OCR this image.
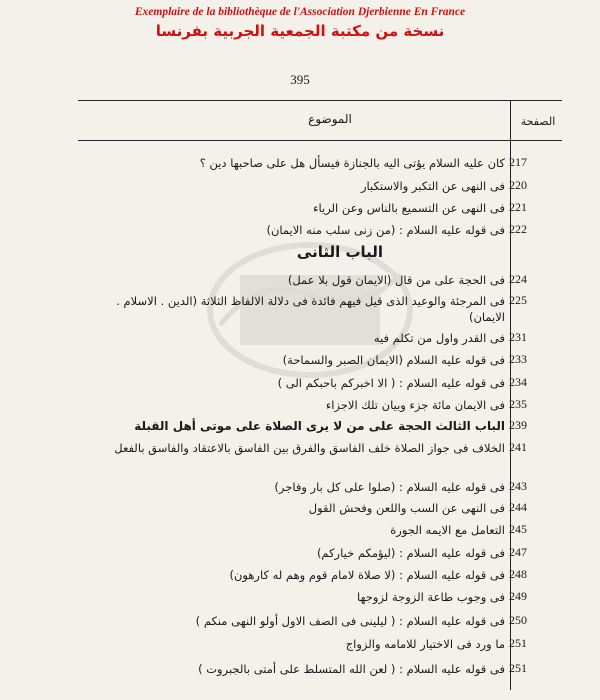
Exemplaire de la bibliothèque de l'Association Djerbienne En France
نسخة من مكتبة الجمعية الجربية بفرنسا
395
الصفحة
الموضوع
الباب الثانى
217
كان عليه السلام يؤتى اليه بالجنازة فيسأل هل على صاحبها دين ؟
220
فى النهى عن التكبر والاستكبار
221
فى النهى عن التسميع بالناس وعن الرياء
222
فى قوله عليه السلام : (من زنى سلب منه الايمان)
224
فى الحجة على من قال (الايمان قول بلا عمل)
225
فى المرجئة والوعيد الذى قيل فيهم فائدة فى دلالة الالفاظ الثلاثة (الدين . الاسلام . الايمان)
231
فى القدر واول من تكلم فيه
233
فى قوله عليه السلام (الايمان الصبر والسماحة)
234
فى قوله عليه السلام : ( الا اخبركم باحبكم الى )
235
فى الايمان مائة جزء وبيان تلك الاجزاء
239
الباب الثالث الحجة على من لا يرى الصلاة على موتى أهل القبلة
241
الخلاف فى جواز الصلاة خلف الفاسق والفرق بين الفاسق بالاعتقاد والفاسق بالفعل
243
فى قوله عليه السلام : (صلوا على كل بار وفاجر)
244
فى النهى عن السب واللعن وفحش القول
245
التعامل مع الايمه الجورة
247
فى قوله عليه السلام : (ليؤمكم خياركم)
248
فى قوله عليه السلام : (لا صلاة لامام قوم وهم له كارهون)
249
فى وجوب طاعة الزوجة لزوجها
250
فى قوله عليه السلام : ( ليلينى فى الصف الاول أولو النهى منكم )
251
ما ورد فى الاختيار للامامه والزواج
251
فى قوله عليه السلام : ( لعن الله المتسلط على أمتى بالجبروت )
